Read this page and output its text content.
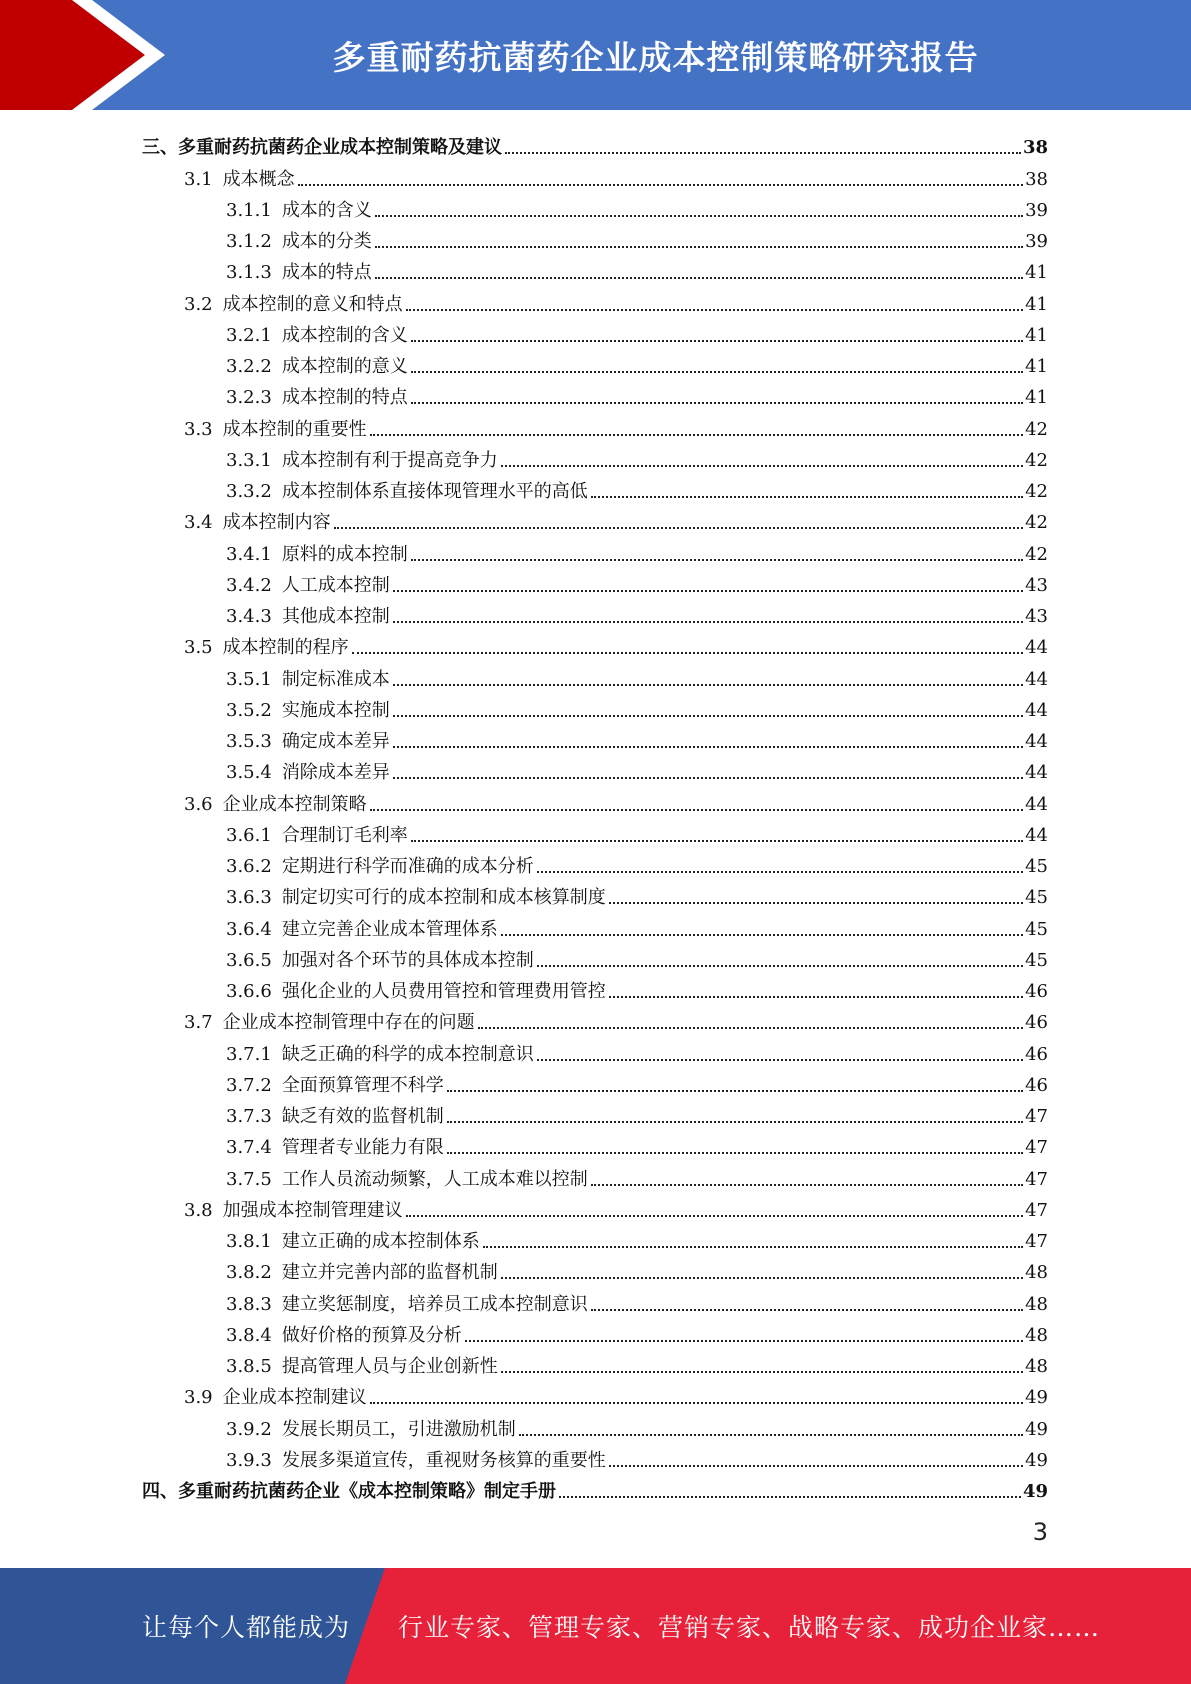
多重耐药抗菌药企业成本控制策略研究报告
三、 多重耐药抗菌药企业成本控制策略及建议	38
3.1 成本概念	38
3.1.1 成本的含义	39
3.1.2 成本的分类	39
3.1.3 成本的特点	41
3.2 成本控制的意义和特点	41
3.2.1 成本控制的含义	41
3.2.2 成本控制的意义	41
3.2.3 成本控制的特点	41
3.3 成本控制的重要性	42
3.3.1 成本控制有利于提高竞争力	42
3.3.2 成本控制体系直接体现管理水平的高低	42
3.4 成本控制内容	42
3.4.1 原料的成本控制	42
3.4.2 人工成本控制	43
3.4.3 其他成本控制	43
3.5 成本控制的程序	44
3.5.1 制定标准成本	44
3.5.2 实施成本控制	44
3.5.3 确定成本差异	44
3.5.4 消除成本差异	44
3.6 企业成本控制策略	44
3.6.1 合理制订毛利率	44
3.6.2 定期进行科学而准确的成本分析	45
3.6.3 制定切实可行的成本控制和成本核算制度	45
3.6.4 建立完善企业成本管理体系	45
3.6.5 加强对各个环节的具体成本控制	45
3.6.6 强化企业的人员费用管控和管理费用管控	46
3.7 企业成本控制管理中存在的问题	46
3.7.1 缺乏正确的科学的成本控制意识	46
3.7.2 全面预算管理不科学	46
3.7.3 缺乏有效的监督机制	47
3.7.4 管理者专业能力有限	47
3.7.5 工作人员流动频繁，人工成本难以控制	47
3.8 加强成本控制管理建议	47
3.8.1 建立正确的成本控制体系	47
3.8.2 建立并完善内部的监督机制	48
3.8.3 建立奖惩制度，培养员工成本控制意识	48
3.8.4 做好价格的预算及分析	48
3.8.5 提高管理人员与企业创新性	48
3.9 企业成本控制建议	49
3.9.2 发展长期员工，引进激励机制	49
3.9.3 发展多渠道宣传，重视财务核算的重要性	49
四、 多重耐药抗菌药企业《成本控制策略》制定手册	49
3
让每个人都能成为 行业专家、管理专家、营销专家、战略专家、成功企业家……
